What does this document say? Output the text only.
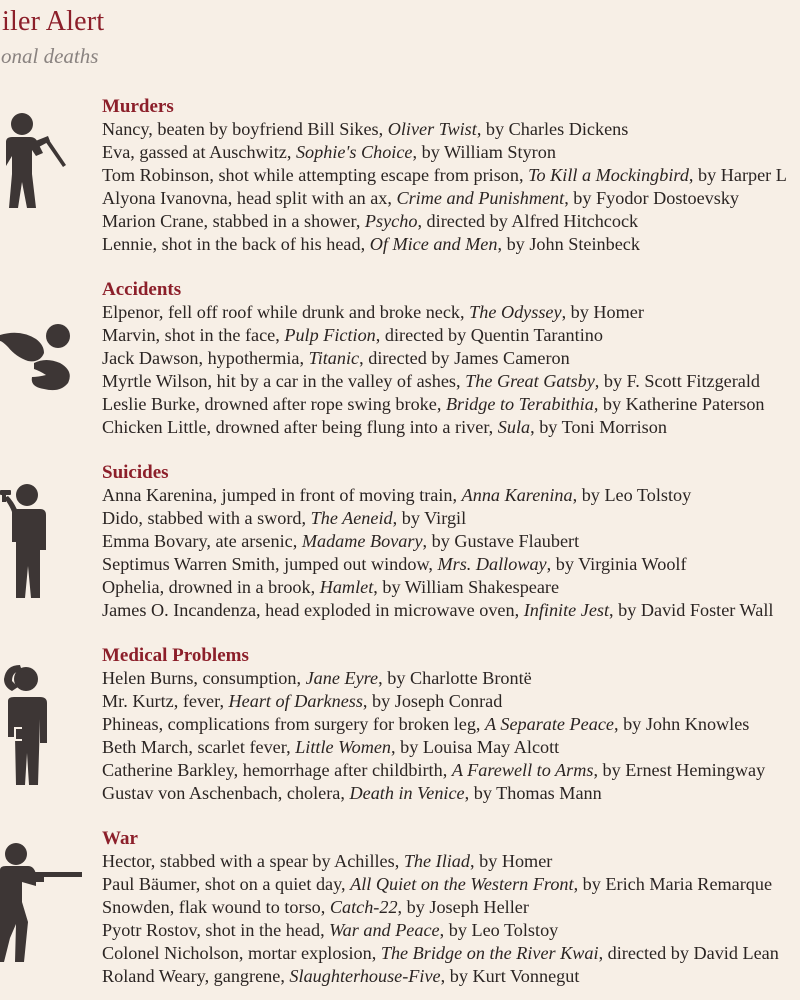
iler Alert
onal deaths
Murders
Nancy, beaten by boyfriend Bill Sikes, Oliver Twist, by Charles Dickens
Eva, gassed at Auschwitz, Sophie's Choice, by William Styron
Tom Robinson, shot while attempting escape from prison, To Kill a Mockingbird, by Harper L
Alyona Ivanovna, head split with an ax, Crime and Punishment, by Fyodor Dostoevsky
Marion Crane, stabbed in a shower, Psycho, directed by Alfred Hitchcock
Lennie, shot in the back of his head, Of Mice and Men, by John Steinbeck
Accidents
Elpenor, fell off roof while drunk and broke neck, The Odyssey, by Homer
Marvin, shot in the face, Pulp Fiction, directed by Quentin Tarantino
Jack Dawson, hypothermia, Titanic, directed by James Cameron
Myrtle Wilson, hit by a car in the valley of ashes, The Great Gatsby, by F. Scott Fitzgerald
Leslie Burke, drowned after rope swing broke, Bridge to Terabithia, by Katherine Paterson
Chicken Little, drowned after being flung into a river, Sula, by Toni Morrison
Suicides
Anna Karenina, jumped in front of moving train, Anna Karenina, by Leo Tolstoy
Dido, stabbed with a sword, The Aeneid, by Virgil
Emma Bovary, ate arsenic, Madame Bovary, by Gustave Flaubert
Septimus Warren Smith, jumped out window, Mrs. Dalloway, by Virginia Woolf
Ophelia, drowned in a brook, Hamlet, by William Shakespeare
James O. Incandenza, head exploded in microwave oven, Infinite Jest, by David Foster Wall
Medical Problems
Helen Burns, consumption, Jane Eyre, by Charlotte Brontë
Mr. Kurtz, fever, Heart of Darkness, by Joseph Conrad
Phineas, complications from surgery for broken leg, A Separate Peace, by John Knowles
Beth March, scarlet fever, Little Women, by Louisa May Alcott
Catherine Barkley, hemorrhage after childbirth, A Farewell to Arms, by Ernest Hemingway
Gustav von Aschenbach, cholera, Death in Venice, by Thomas Mann
War
Hector, stabbed with a spear by Achilles, The Iliad, by Homer
Paul Bäumer, shot on a quiet day, All Quiet on the Western Front, by Erich Maria Remarque
Snowden, flak wound to torso, Catch-22, by Joseph Heller
Pyotr Rostov, shot in the head, War and Peace, by Leo Tolstoy
Colonel Nicholson, mortar explosion, The Bridge on the River Kwai, directed by David Lean
Roland Weary, gangrene, Slaughterhouse-Five, by Kurt Vonnegut
